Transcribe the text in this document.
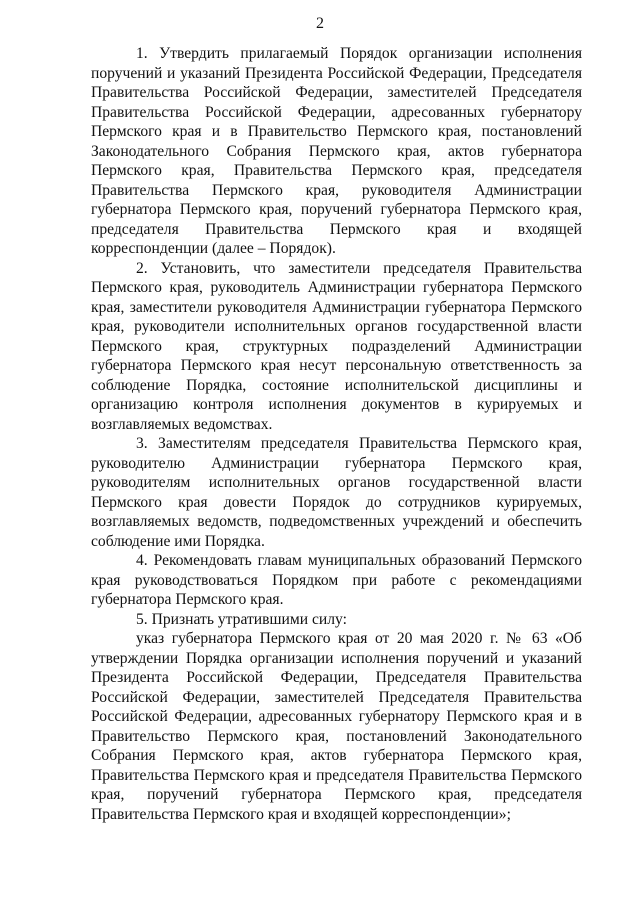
2

1. Утвердить прилагаемый Порядок организации исполнения поручений и указаний Президента Российской Федерации, Председателя Правительства Российской Федерации, заместителей Председателя Правительства Российской Федерации, адресованных губернатору Пермского края и в Правительство Пермского края, постановлений Законодательного Собрания Пермского края, актов губернатора Пермского края, Правительства Пермского края, председателя Правительства Пермского края, руководителя Администрации губернатора Пермского края, поручений губернатора Пермского края, председателя Правительства Пермского края и входящей корреспонденции (далее – Порядок).

2. Установить, что заместители председателя Правительства Пермского края, руководитель Администрации губернатора Пермского края, заместители руководителя Администрации губернатора Пермского края, руководители исполнительных органов государственной власти Пермского края, структурных подразделений Администрации губернатора Пермского края несут персональную ответственность за соблюдение Порядка, состояние исполнительской дисциплины и организацию контроля исполнения документов в курируемых и возглавляемых ведомствах.

3. Заместителям председателя Правительства Пермского края, руководителю Администрации губернатора Пермского края, руководителям исполнительных органов государственной власти Пермского края довести Порядок до сотрудников курируемых, возглавляемых ведомств, подведомственных учреждений и обеспечить соблюдение ими Порядка.

4. Рекомендовать главам муниципальных образований Пермского края руководствоваться Порядком при работе с рекомендациями губернатора Пермского края.

5. Признать утратившими силу:

указ губернатора Пермского края от 20 мая 2020 г. № 63 «Об утверждении Порядка организации исполнения поручений и указаний Президента Российской Федерации, Председателя Правительства Российской Федерации, заместителей Председателя Правительства Российской Федерации, адресованных губернатору Пермского края и в Правительство Пермского края, постановлений Законодательного Собрания Пермского края, актов губернатора Пермского края, Правительства Пермского края и председателя Правительства Пермского края, поручений губернатора Пермского края, председателя Правительства Пермского края и входящей корреспонденции»;
